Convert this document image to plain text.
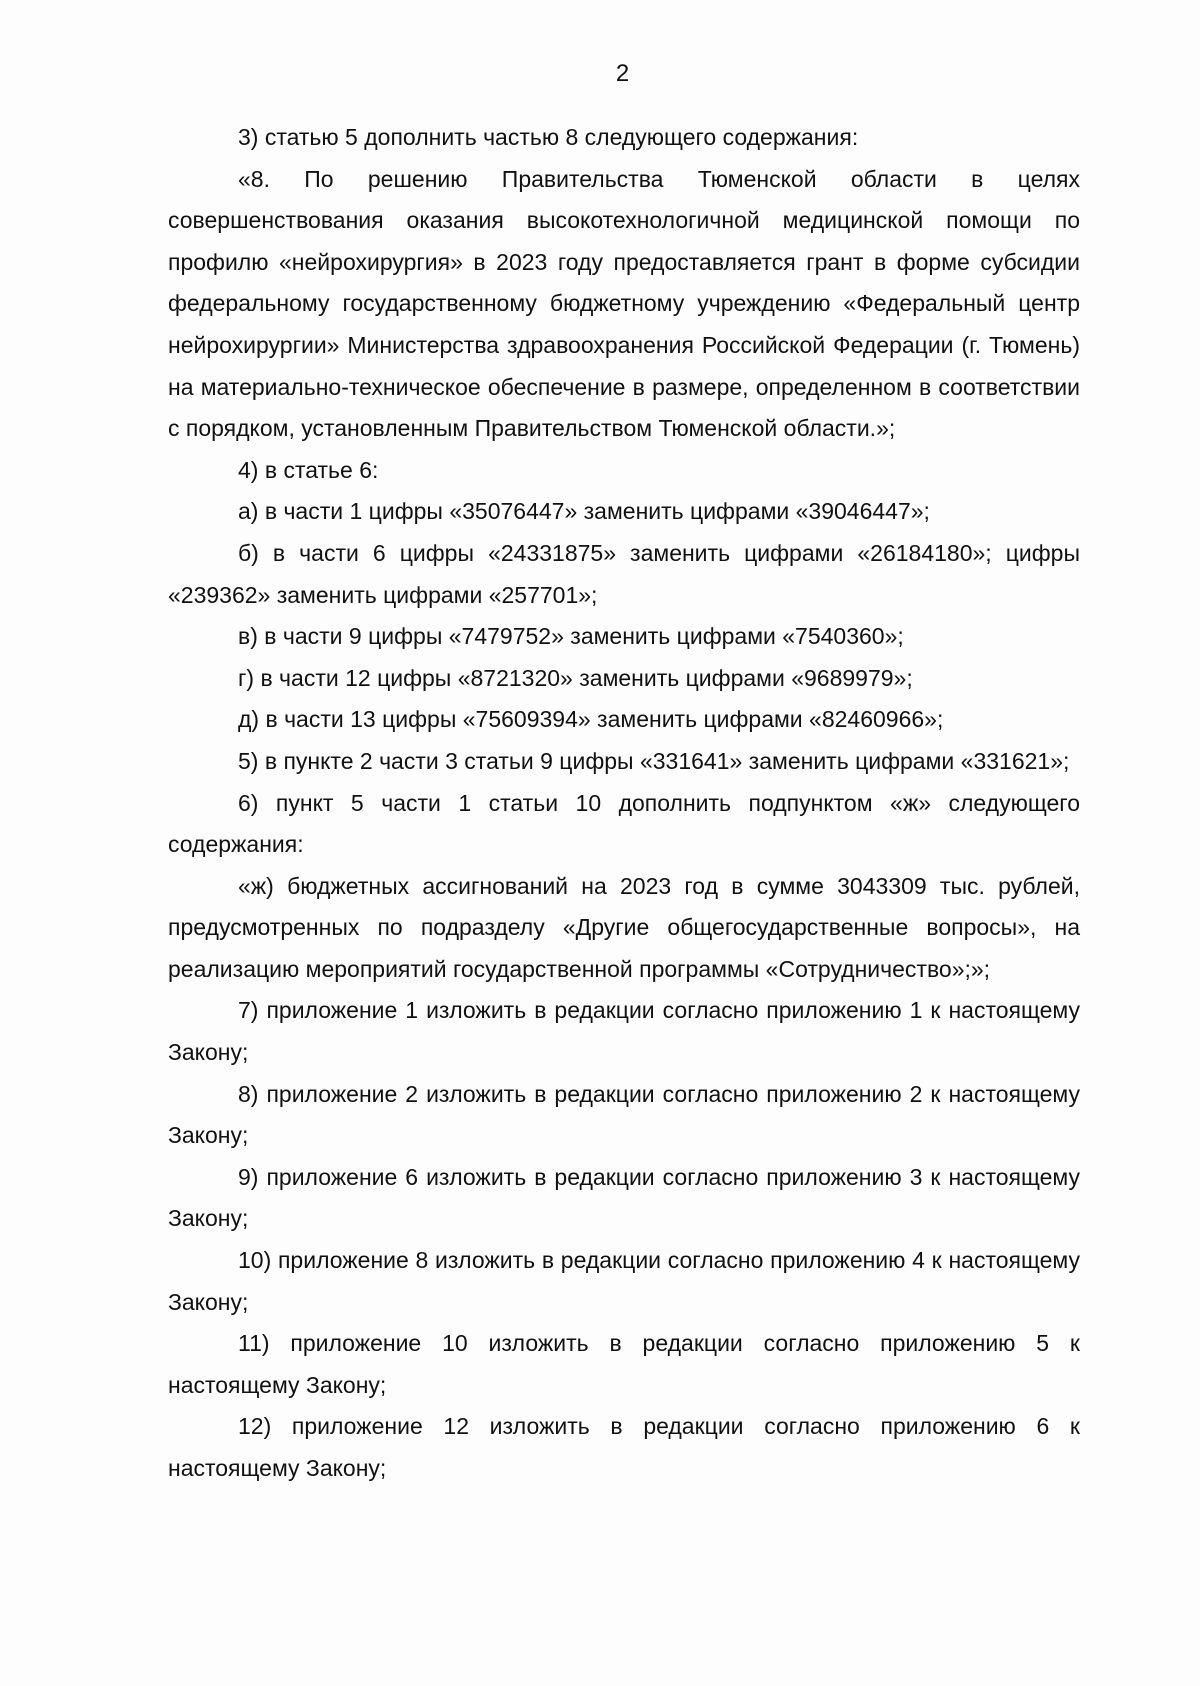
2

3) статью 5 дополнить частью 8 следующего содержания:

«8. По решению Правительства Тюменской области в целях совершенствования оказания высокотехнологичной медицинской помощи по профилю «нейрохирургия» в 2023 году предоставляется грант в форме субсидии федеральному государственному бюджетному учреждению «Федеральный центр нейрохирургии» Министерства здравоохранения Российской Федерации (г. Тюмень) на материально-техническое обеспечение в размере, определенном в соответствии с порядком, установленным Правительством Тюменской области.»;

4) в статье 6:

а) в части 1 цифры «35076447» заменить цифрами «39046447»;

б) в части 6 цифры «24331875» заменить цифрами «26184180»; цифры «239362» заменить цифрами «257701»;

в) в части 9 цифры «7479752» заменить цифрами «7540360»;

г) в части 12 цифры «8721320» заменить цифрами «9689979»;

д) в части 13 цифры «75609394» заменить цифрами «82460966»;

5) в пункте 2 части 3 статьи 9 цифры «331641» заменить цифрами «331621»;

6) пункт 5 части 1 статьи 10 дополнить подпунктом «ж» следующего содержания:

«ж) бюджетных ассигнований на 2023 год в сумме 3043309 тыс. рублей, предусмотренных по подразделу «Другие общегосударственные вопросы», на реализацию мероприятий государственной программы «Сотрудничество»;»;

7) приложение 1 изложить в редакции согласно приложению 1 к настоящему Закону;

8) приложение 2 изложить в редакции согласно приложению 2 к настоящему Закону;

9) приложение 6 изложить в редакции согласно приложению 3 к настоящему Закону;

10) приложение 8 изложить в редакции согласно приложению 4 к настоящему Закону;

11) приложение 10 изложить в редакции согласно приложению 5 к настоящему Закону;

12) приложение 12 изложить в редакции согласно приложению 6 к настоящему Закону;
